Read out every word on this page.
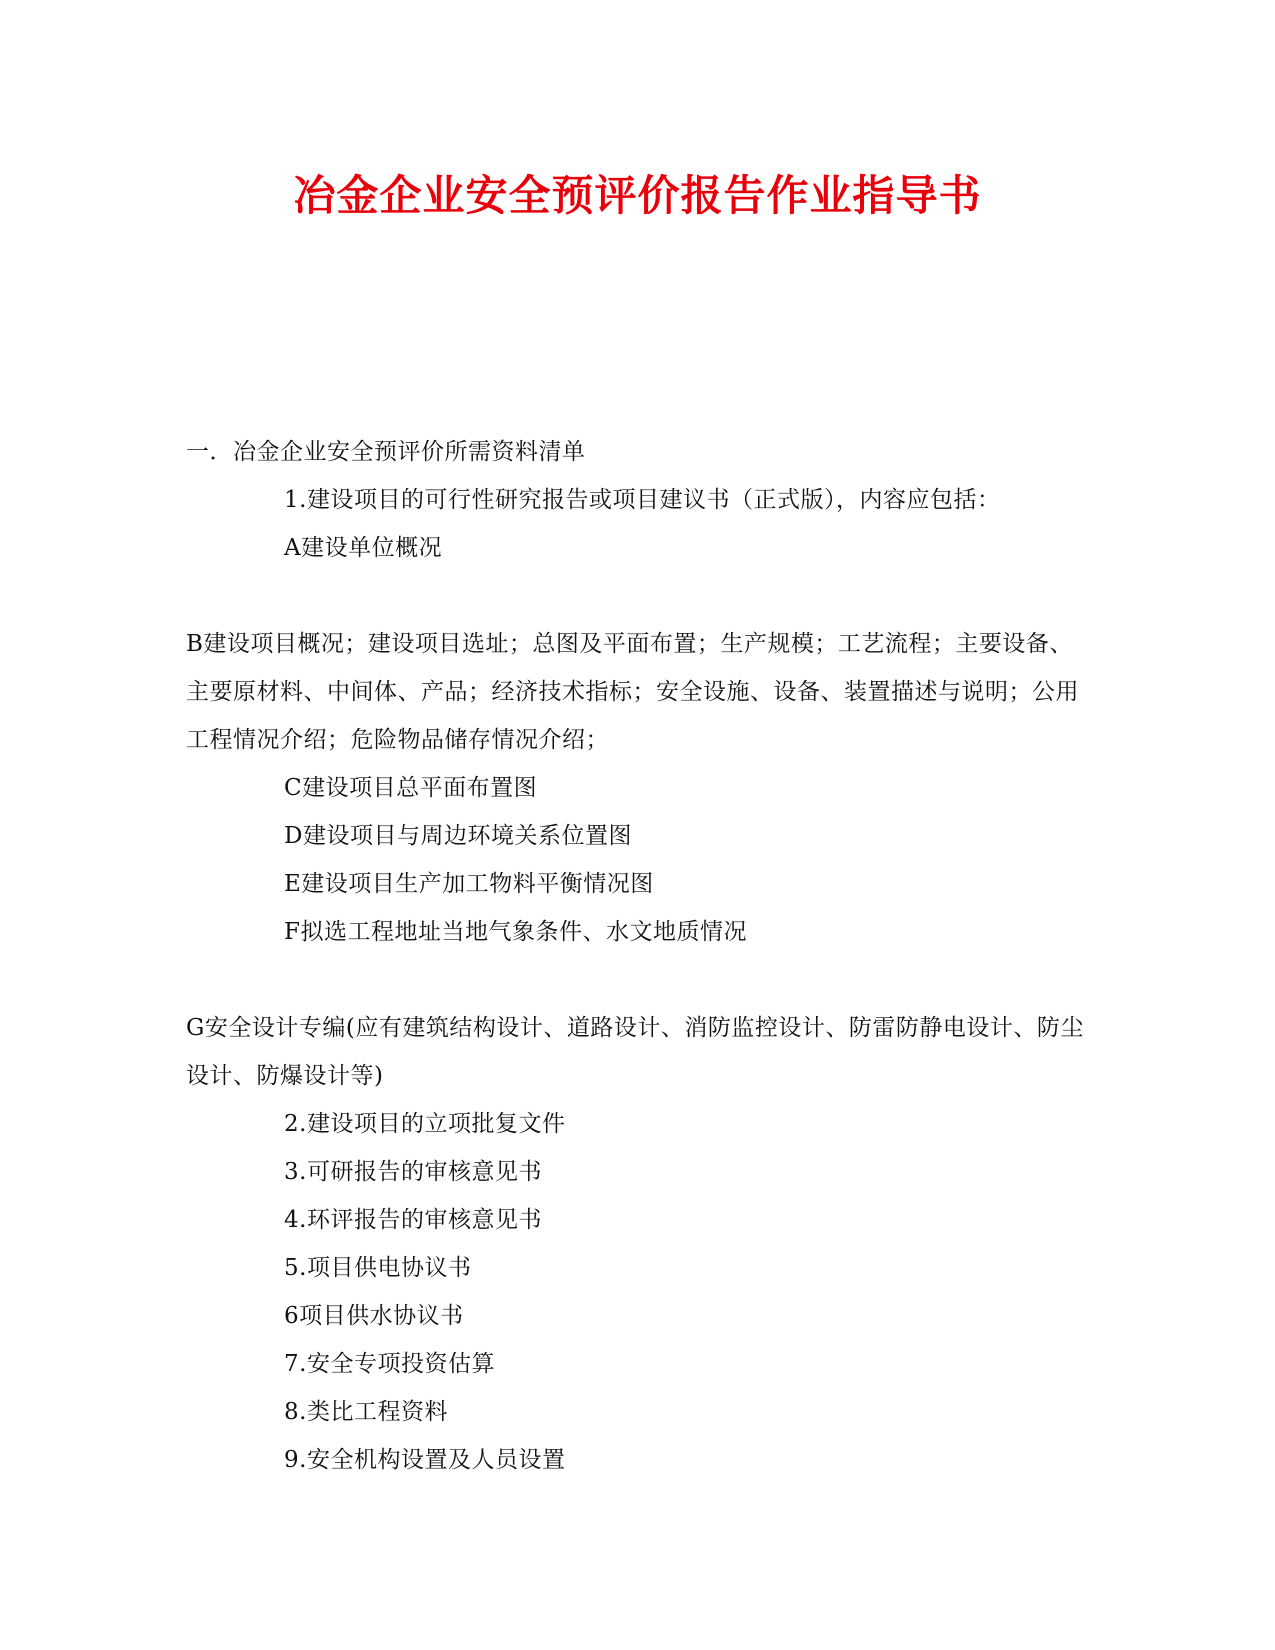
冶金企业安全预评价报告作业指导书
一．冶金企业安全预评价所需资料清单
1.建设项目的可行性研究报告或项目建议书（正式版），内容应包括：
A建设单位概况
B建设项目概况；建设项目选址；总图及平面布置；生产规模；工艺流程；主要设备、主要原材料、中间体、产品；经济技术指标；安全设施、设备、装置描述与说明；公用工程情况介绍；危险物品储存情况介绍；
C建设项目总平面布置图
D建设项目与周边环境关系位置图
E建设项目生产加工物料平衡情况图
F拟选工程地址当地气象条件、水文地质情况
G安全设计专编(应有建筑结构设计、道路设计、消防监控设计、防雷防静电设计、防尘设计、防爆设计等)
2.建设项目的立项批复文件
3.可研报告的审核意见书
4.环评报告的审核意见书
5.项目供电协议书
6项目供水协议书
7.安全专项投资估算
8.类比工程资料
9.安全机构设置及人员设置
